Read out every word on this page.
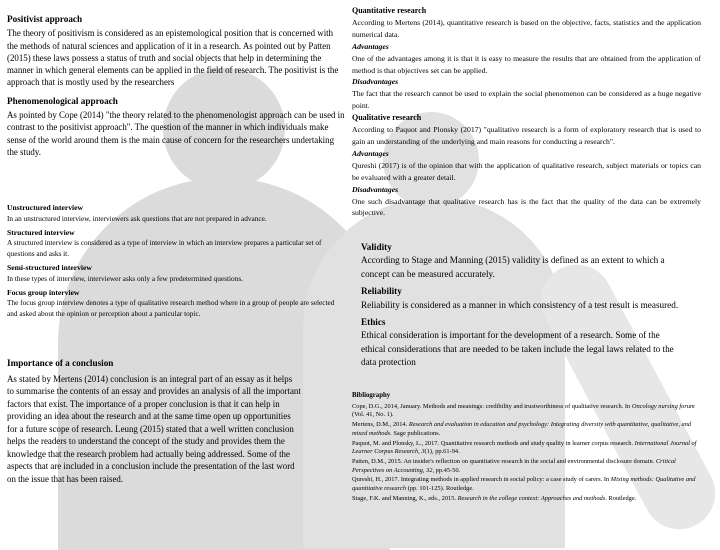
Positivist approach

The theory of positivism is considered as an epistemological position that is concerned with the methods of natural sciences and application of it in a research. As pointed out by Patten (2015) these laws possess a status of truth and social objects that help in determining the manner in which general elements can be applied in the field of research. The positivist is the approach that is mostly used by the researchers

Phenomenological approach

As pointed by Cope (2014) "the theory related to the phenomenologist approach can be used in contrast to the positivist approach". The question of the manner in which individuals make sense of the world around them is the main cause of concern for the researchers undertaking the study.

Unstructured interview

In an unstructured interview, interviewers ask questions that are not prepared in advance.

Structured interview

A structured interview is considered as a type of interview in which an interview prepares a particular set of questions and asks it.

Semi-structured interview

In these types of interview, interviewer asks only a few predetermined questions.

Focus group interview

The focus group interview denotes a type of qualitative research method where in a group of people are selected and asked about the opinion or perception about a particular topic.

Importance of a conclusion

As stated by Mertens (2014) conclusion is an integral part of an essay as it helps to summarise the contents of an essay and provides an analysis of all the important factors that exist. The importance of a proper conclusion is that it can help in providing an idea about the research and at the same time open up opportunities for a future scope of research. Leung (2015) stated that a well written conclusion helps the readers to understand the concept of the study and provides them the knowledge that the research problem had actually being addressed. Some of the aspects that are included in a conclusion include the presentation of the last word on the issue that has been raised.

Quantitative research

According to Mertens (2014), quantitative research is based on the objective, facts, statistics and the application numerical data.

Advantages

One of the advantages among it is that it is easy to measure the results that are obtained from the application of method is that objectives set can be applied.

Disadvantages

The fact that the research cannot be used to explain the social phenomenon can be considered as a huge negative point.

Qualitative research

According to Paquot and Plonsky (2017) "qualitative research is a form of exploratory research that is used to gain an understanding of the underlying and main reasons for conducting a research".

Advantages

Qureshi (2017) is of the opinion that with the application of qualitative research, subject materials or topics can be evaluated with a greater detail.

Disadvantages

One such disadvantage that qualitative research has is the fact that the quality of the data can be extremely subjective.

Validity

According to Stage and Manning (2015) validity is defined as an extent to which a concept can be measured accurately.

Reliability

Reliability is considered as a manner in which consistency of a test result is measured.

Ethics

Ethical consideration is important for the development of a research. Some of the ethical considerations that are needed to be taken include the legal laws related to the data protection

Bibliography

Cope, D.G., 2014, January. Methods and meanings: credibility and trustworthiness of qualitative research. In Oncology nursing forum (Vol. 41, No. 1).

Mertens, D.M., 2014. Research and evaluation in education and psychology: Integrating diversity with quantitative, qualitative, and mixed methods. Sage publications.

Paquot, M. and Plonsky, L., 2017. Quantitative research methods and study quality in learner corpus research. International Journal of Learner Corpus Research, 3(1), pp.61-94.

Patten, D.M., 2015. An insider's reflection on quantitative research in the social and environmental disclosure domain. Critical Perspectives on Accounting, 32, pp.45-50.

Qureshi, H., 2017. Integrating methods in applied research in social policy: a case study of carers. In Mixing methods: Qualitative and quantitative research (pp. 101-125). Routledge.

Stage, F.K. and Manning, K., eds., 2015. Research in the college context: Approaches and methods. Routledge.
